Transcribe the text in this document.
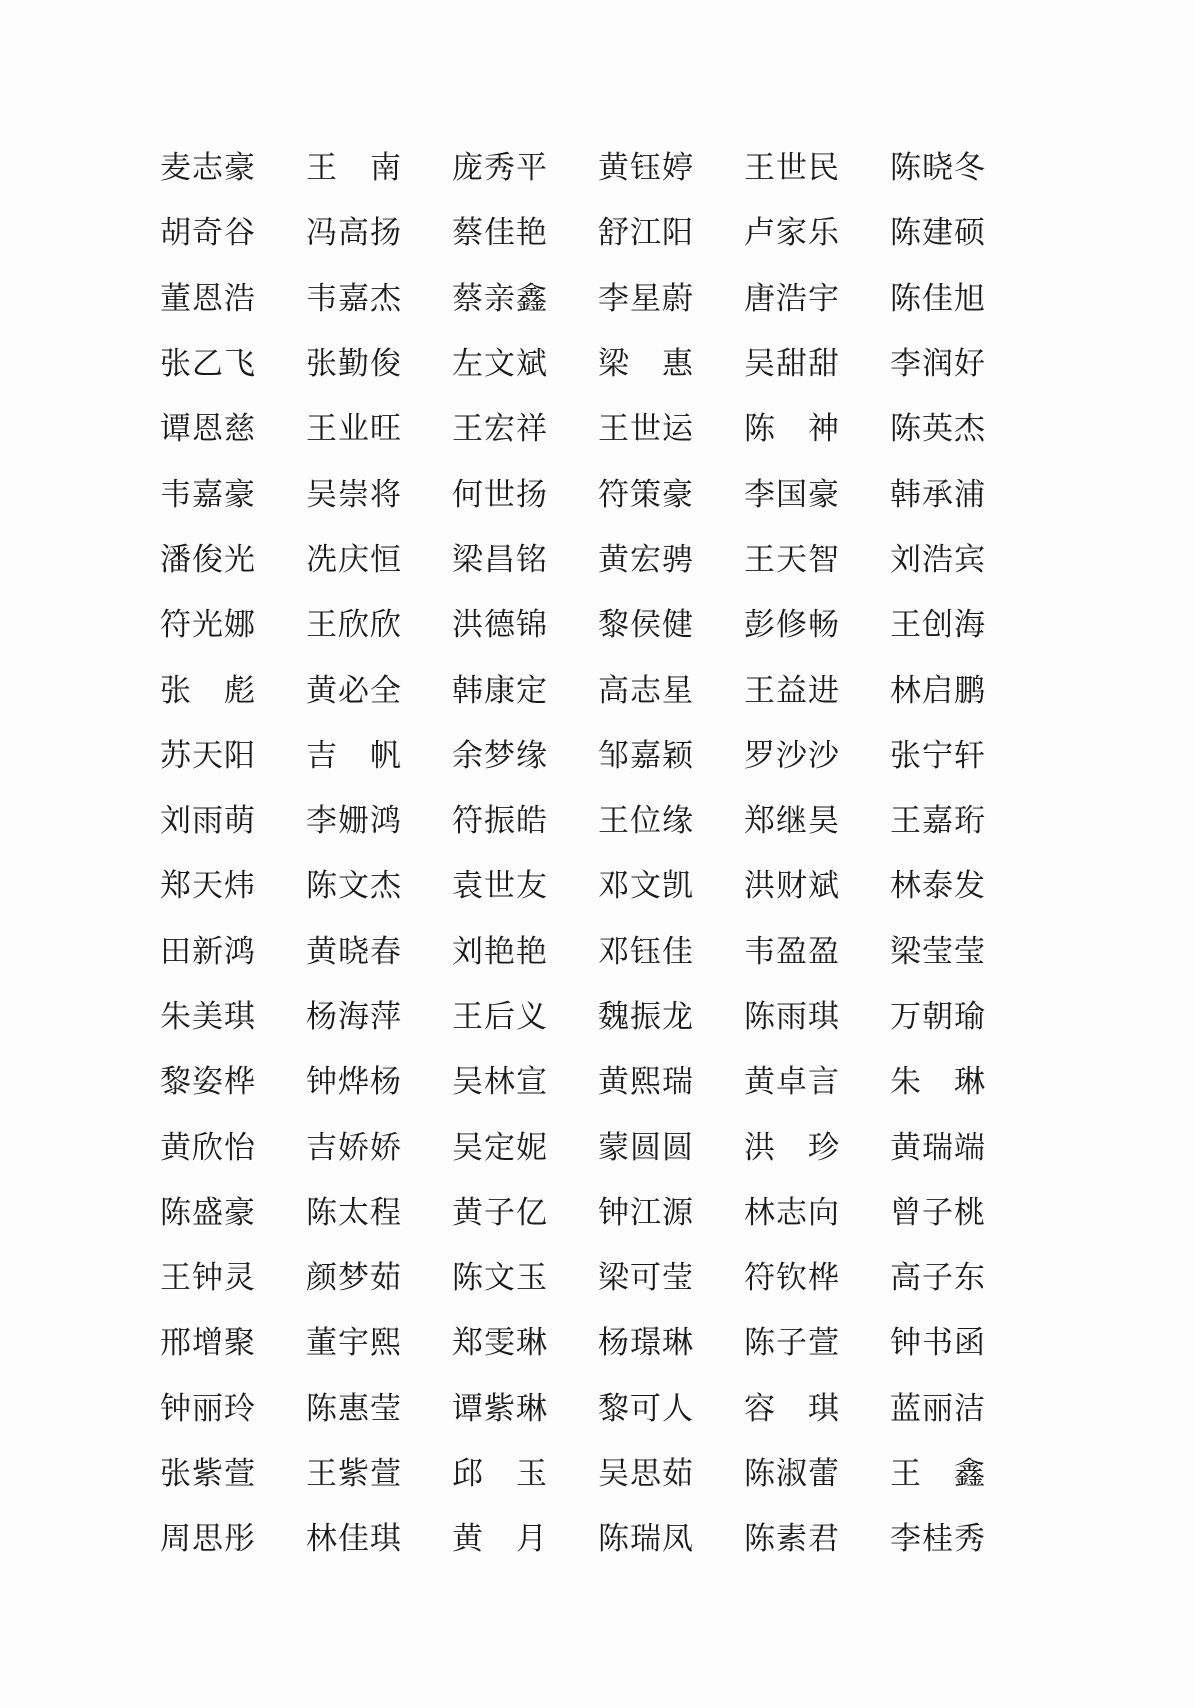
麦 志 豪 王 南 庞 秀 平 黄 钰 婷 王 世 民 陈 晓 冬
胡 奇 谷 冯 高 扬 蔡 佳 艳 舒 江 阳 卢 家 乐 陈 建 硕
董 恩 浩 韦 嘉 杰 蔡 亲 鑫 李 星 蔚 唐 浩 宇 陈 佳 旭
张 乙 飞 张 勤 俊 左 文 斌 梁 惠 吴 甜 甜 李 润 好
谭 恩 慈 王 业 旺 王 宏 祥 王 世 运 陈 神 陈 英 杰
韦 嘉 豪 吴 崇 将 何 世 扬 符 策 豪 李 国 豪 韩 承 浦
潘 俊 光 冼 庆 恒 梁 昌 铭 黄 宏 骋 王 天 智 刘 浩 宾
符 光 娜 王 欣 欣 洪 德 锦 黎 侯 健 彭 修 畅 王 创 海
张 彪 黄 必 全 韩 康 定 高 志 星 王 益 进 林 启 鹏
苏 天 阳 吉 帆 余 梦 缘 邹 嘉 颖 罗 沙 沙 张 宁 轩
刘 雨 萌 李 姗 鸿 符 振 皓 王 位 缘 郑 继 昊 王 嘉 珩
郑 天 炜 陈 文 杰 袁 世 友 邓 文 凯 洪 财 斌 林 泰 发
田 新 鸿 黄 晓 春 刘 艳 艳 邓 钰 佳 韦 盈 盈 梁 莹 莹
朱 美 琪 杨 海 萍 王 后 义 魏 振 龙 陈 雨 琪 万 朝 瑜
黎 姿 桦 钟 烨 杨 吴 林 宣 黄 熙 瑞 黄 卓 言 朱 琳
黄 欣 怡 吉 娇 娇 吴 定 妮 蒙 圆 圆 洪 珍 黄 瑞 端
陈 盛 豪 陈 太 程 黄 子 亿 钟 江 源 林 志 向 曾 子 桃
王 钟 灵 颜 梦 茹 陈 文 玉 梁 可 莹 符 钦 桦 高 子 东
邢 增 聚 董 宇 熙 郑 雯 琳 杨 璟 琳 陈 子 萱 钟 书 函
钟 丽 玲 陈 惠 莹 谭 紫 琳 黎 可 人 容 琪 蓝 丽 洁
张 紫 萱 王 紫 萱 邱 玉 吴 思 茹 陈 淑 蕾 王 鑫
周 思 彤 林 佳 琪 黄 月 陈 瑞 凤 陈 素 君 李 桂 秀
